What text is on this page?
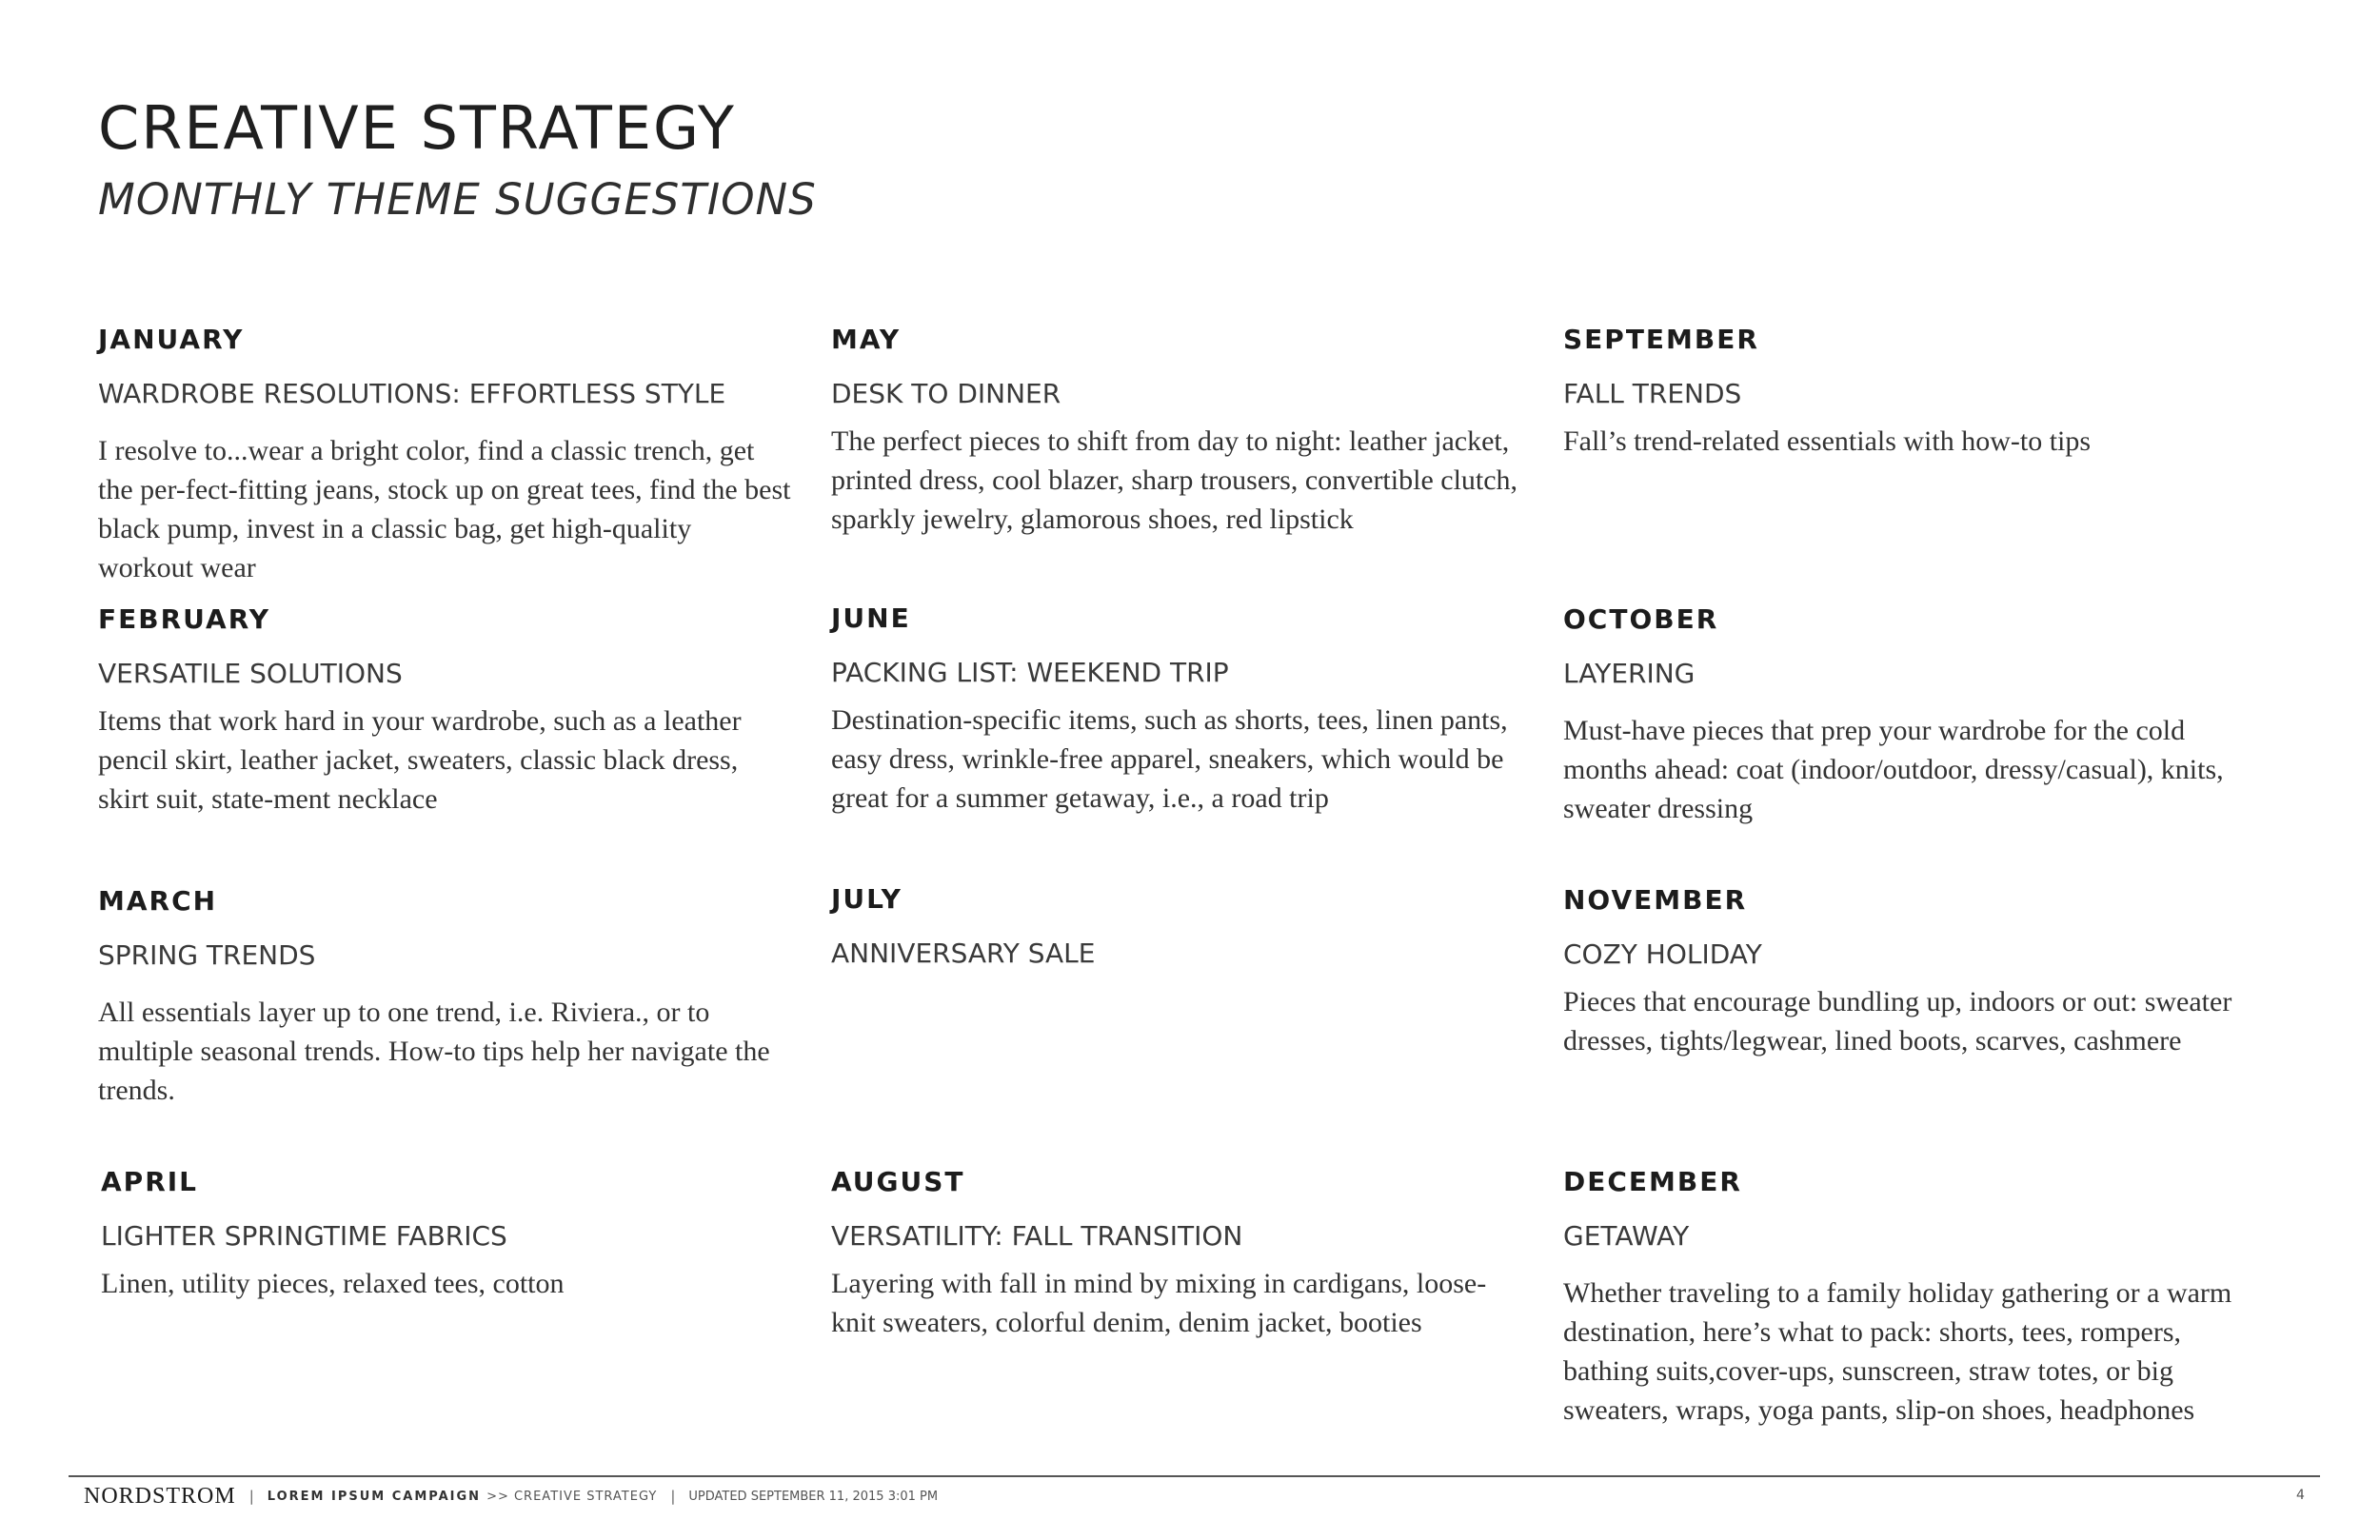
CREATIVE STRATEGY
MONTHLY THEME SUGGESTIONS
JANUARY

WARDROBE RESOLUTIONS: EFFORTLESS STYLE

I resolve to...wear a bright color, find a classic trench, get the per-fect-fitting jeans, stock up on great tees, find the best black pump, invest in a classic bag, get high-quality workout wear

FEBRUARY

VERSATILE SOLUTIONS

Items that work hard in your wardrobe, such as a leather pencil skirt, leather jacket, sweaters, classic black dress, skirt suit, state-ment necklace

MARCH

SPRING TRENDS

All essentials layer up to one trend, i.e. Riviera., or to multiple seasonal trends. How-to tips help her navigate the trends.

APRIL

LIGHTER SPRINGTIME FABRICS

Linen, utility pieces, relaxed tees, cotton

MAY

DESK TO DINNER

The perfect pieces to shift from day to night: leather jacket, printed dress, cool blazer, sharp trousers, convertible clutch, sparkly jewelry, glamorous shoes, red lipstick

JUNE

PACKING LIST: WEEKEND TRIP

Destination-specific items, such as shorts, tees, linen pants, easy dress, wrinkle-free apparel, sneakers, which would be great for a summer getaway, i.e., a road trip

JULY

ANNIVERSARY SALE

AUGUST

VERSATILITY: FALL TRANSITION

Layering with fall in mind by mixing in cardigans, loose-knit sweaters, colorful denim, denim jacket, booties

SEPTEMBER

FALL TRENDS

Fall’s trend-related essentials with how-to tips

OCTOBER

LAYERING

Must-have pieces that prep your wardrobe for the cold months ahead: coat (indoor/outdoor, dressy/casual), knits, sweater dressing

NOVEMBER

COZY HOLIDAY

Pieces that encourage bundling up, indoors or out: sweater dresses, tights/legwear, lined boots, scarves, cashmere

DECEMBER

GETAWAY

Whether traveling to a family holiday gathering or a warm destination, here’s what to pack: shorts, tees, rompers, bathing suits,cover-ups, sunscreen, straw totes, or big sweaters, wraps, yoga pants, slip-on shoes, headphones

NORDSTROM | LOREM IPSUM CAMPAIGN >> CREATIVE STRATEGY | UPDATED SEPTEMBER 11, 2015 3:01 PM	4
